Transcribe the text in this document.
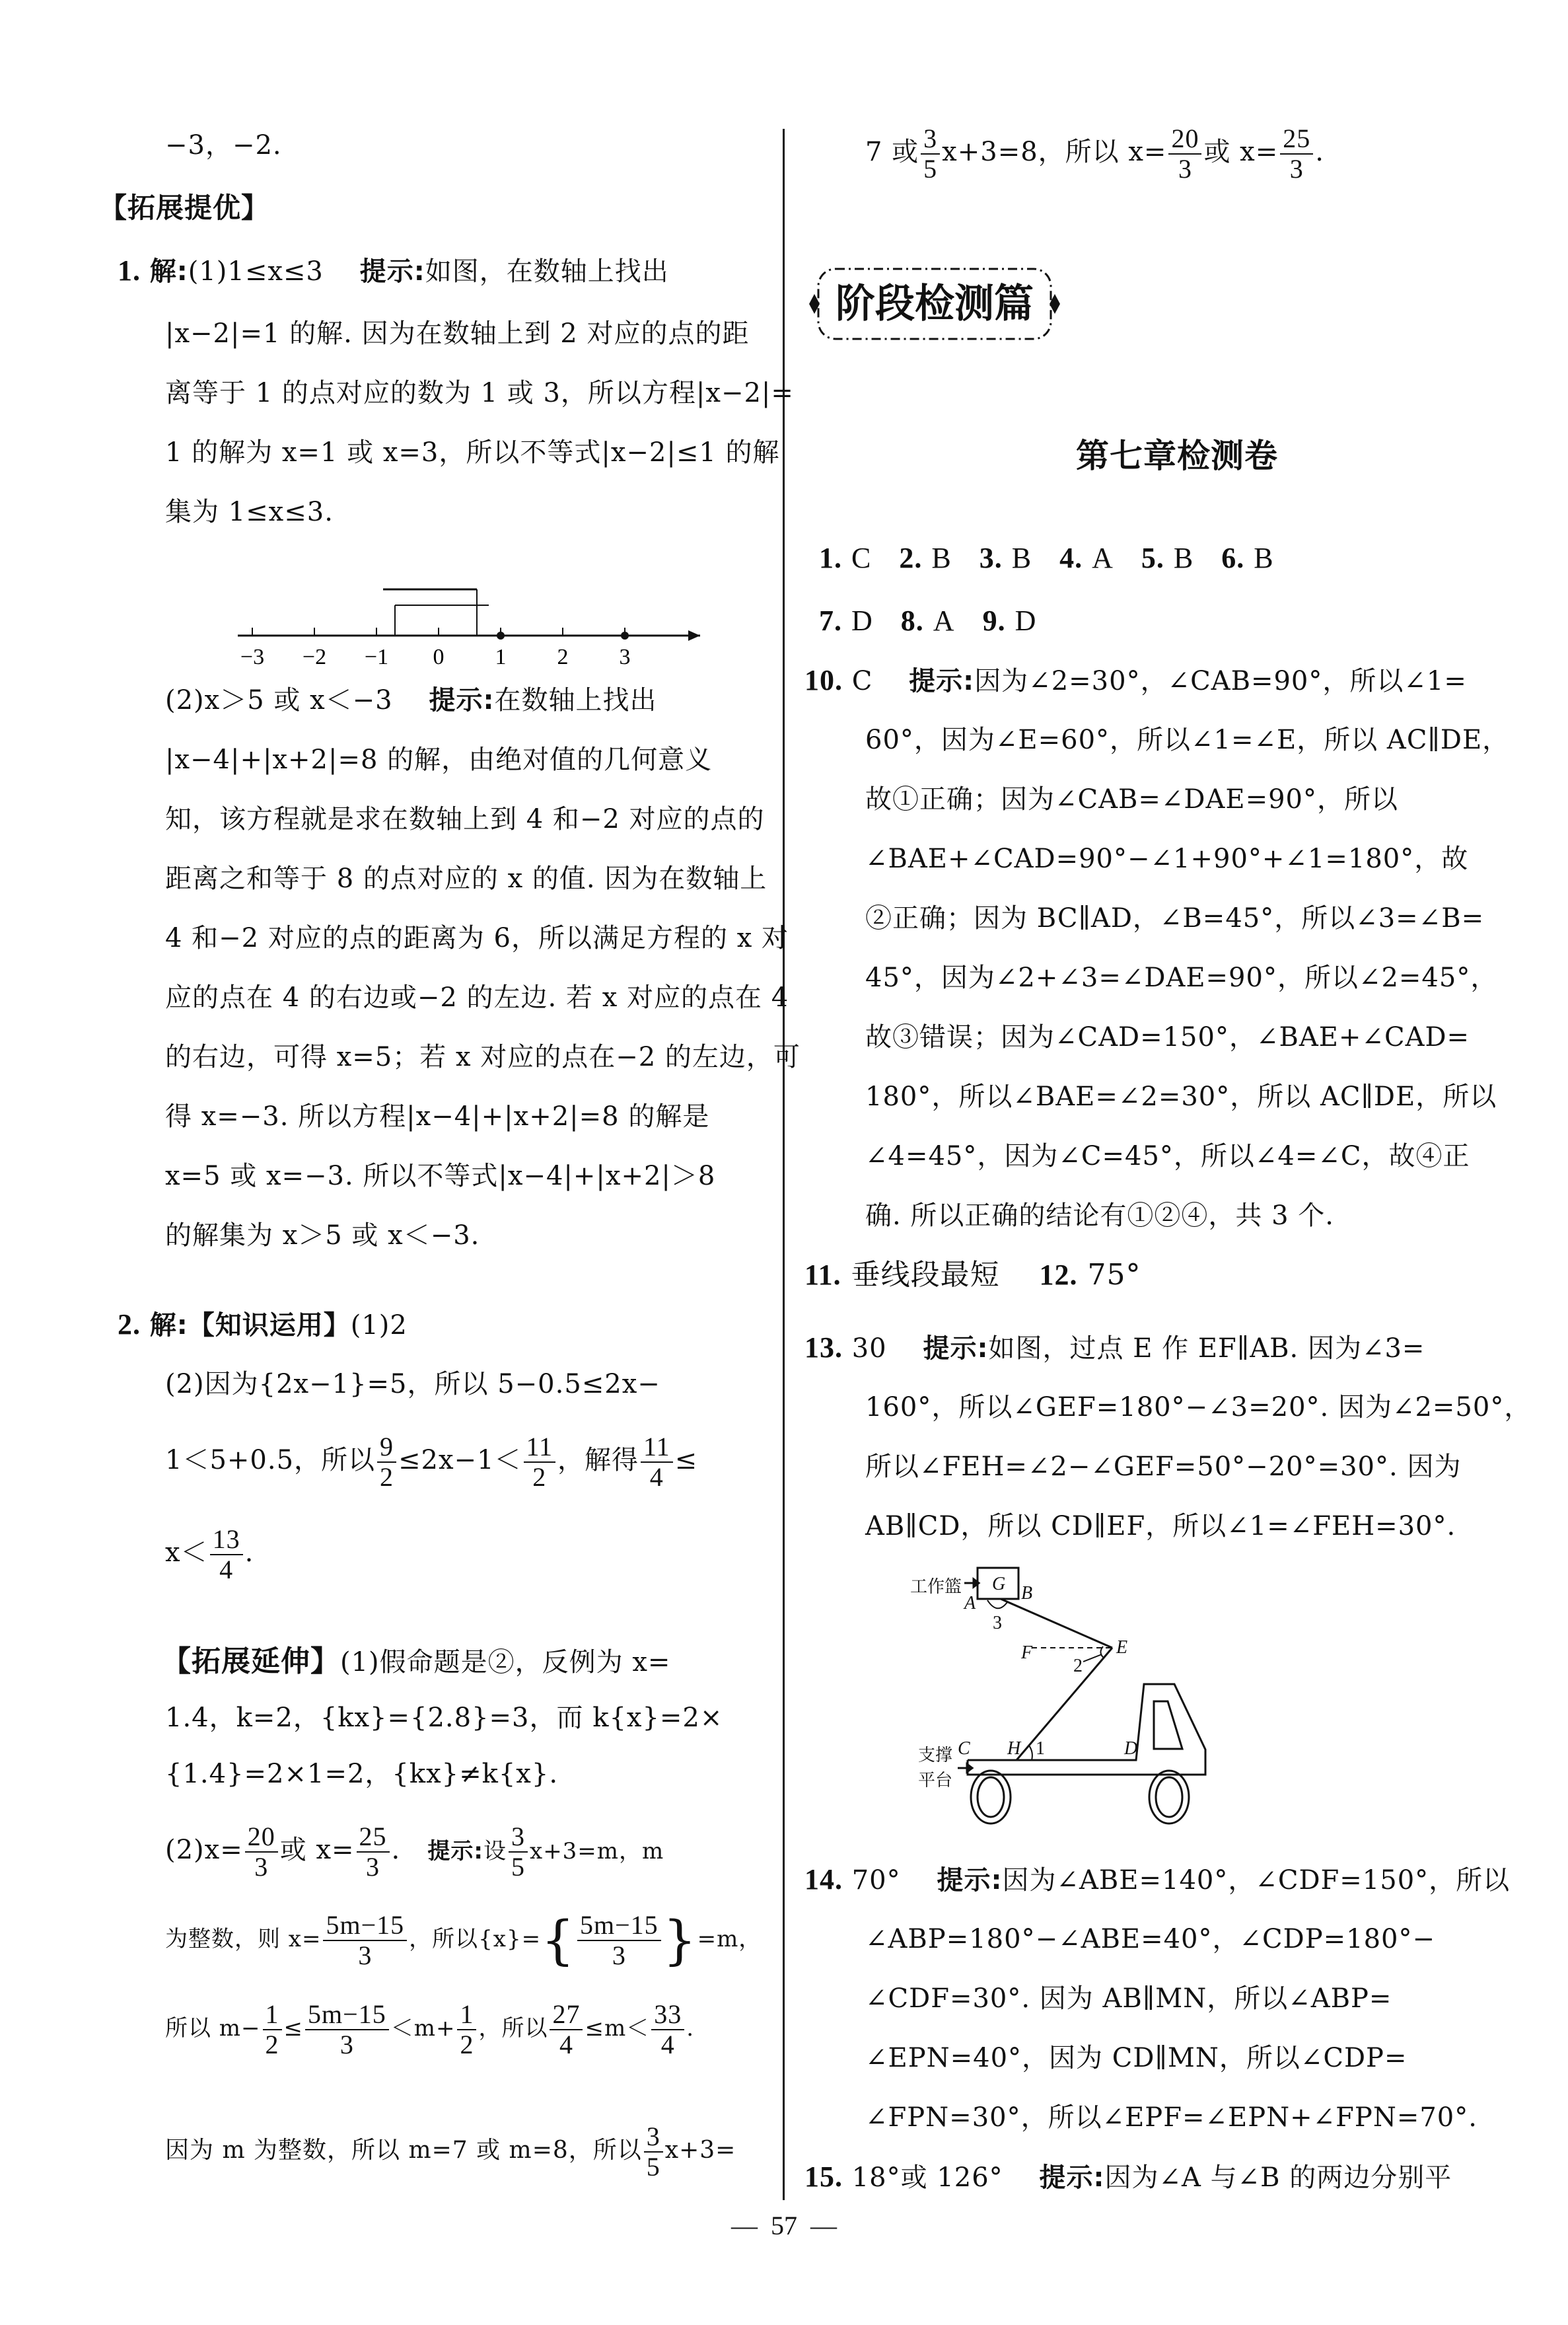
−3，−2.
【拓展提优】
1. 解:(1)1≤x≤3 提示:如图，在数轴上找出
|x−2|=1 的解. 因为在数轴上到 2 对应的点的距
离等于 1 的点对应的数为 1 或 3，所以方程|x−2|=
1 的解为 x=1 或 x=3，所以不等式|x−2|≤1 的解
集为 1≤x≤3.
−3 −2 −1 0 1 2 3
(2)x＞5 或 x＜−3 提示:在数轴上找出
|x−4|+|x+2|=8 的解，由绝对值的几何意义
知，该方程就是求在数轴上到 4 和−2 对应的点的
距离之和等于 8 的点对应的 x 的值. 因为在数轴上
4 和−2 对应的点的距离为 6，所以满足方程的 x 对
应的点在 4 的右边或−2 的左边. 若 x 对应的点在 4
的右边，可得 x=5；若 x 对应的点在−2 的左边，可
得 x=−3. 所以方程|x−4|+|x+2|=8 的解是
x=5 或 x=−3. 所以不等式|x−4|+|x+2|＞8
的解集为 x＞5 或 x＜−3.
2. 解:【知识运用】(1)2
(2)因为{2x−1}=5，所以 5−0.5≤2x−
1＜5+0.5，所以 $\frac{9}{2} \le 2x-1< \frac{11}{2}$ ，解得 $\frac{11}{4}$ ≤
$x< \frac{13}{4}$ .
【拓展延伸】(1)假命题是②，反例为 x=
1.4，k=2，{kx}={2.8}=3，而 k{x}=2×
{1.4}=2×1=2，{kx}≠k{x}.
$(2)x= \frac{20}{3}$ 或 $x= \frac{25}{3}$ . 提示:设 $\frac{3}{5} x+3=m$，m
为整数，则 $x= \frac{5m-15}{3}$ ，所以$\{x\}=\{ \frac{5m-15}{3} \}=m$，
所以 $m- \frac{1}{2} \le \frac{5m-15}{3} <m+ \frac{1}{2}$ ，所以 $\frac{27}{4} \le m< \frac{33}{4}$ .
因为 m 为整数，所以 m=7 或 m=8，所以 $\frac{3}{5} x+3=$
7 或 $\frac{3}{5} x+3=8$，所以 $x= \frac{20}{3}$ 或 $x= \frac{25}{3}$ .
阶段检测篇
第七章检测卷
1. C 2. B 3. B 4. A 5. B 6. B
7. D 8. A 9. D
10. C 提示:因为∠2=30°，∠CAB=90°，所以∠1=
60°，因为∠E=60°，所以∠1=∠E，所以 AC∥DE，
故①正确；因为∠CAB=∠DAE=90°，所以
∠BAE+∠CAD=90°−∠1+90°+∠1=180°，故
②正确；因为 BC∥AD，∠B=45°，所以∠3=∠B=
45°，因为∠2+∠3=∠DAE=90°，所以∠2=45°，
故③错误；因为∠CAD=150°，∠BAE+∠CAD=
180°，所以∠BAE=∠2=30°，所以 AC∥DE，所以
∠4=45°，因为∠C=45°，所以∠4=∠C，故④正
确. 所以正确的结论有①②④，共 3 个.
11. 垂线段最短 12. 75°
13. 30 提示:如图，过点 E 作 EF∥AB. 因为∠3=
160°，所以∠GEF=180°−∠3=20°. 因为∠2=50°，
所以∠FEH=∠2−∠GEF=50°−20°=30°. 因为
AB∥CD，所以 CD∥EF，所以∠1=∠FEH=30°.
工作篮
A B
G
E
F
C H	D
1
2
3
支撑
平台
14. 70° 提示:因为∠ABE=140°，∠CDF=150°，所以
∠ABP=180°−∠ABE=40°，∠CDP=180°−
∠CDF=30°. 因为 AB∥MN，所以∠ABP=
∠EPN=40°，因为 CD∥MN，所以∠CDP=
∠FPN=30°，所以∠EPF=∠EPN+∠FPN=70°.
15. 18°或 126° 提示:因为∠A 与∠B 的两边分别平
—  57  —
